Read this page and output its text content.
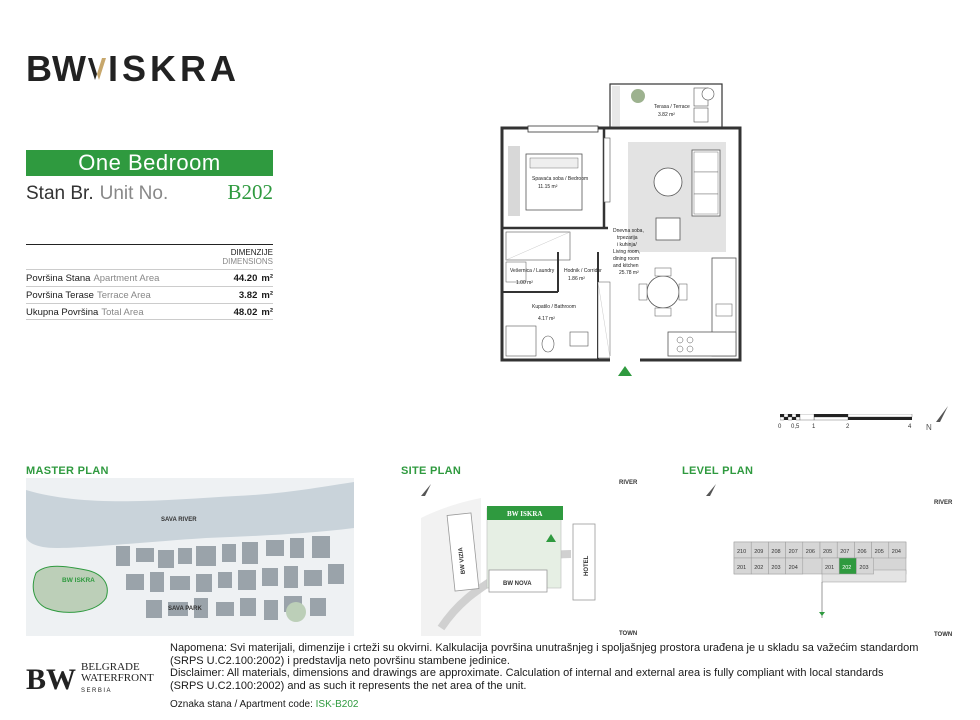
BW ISKRA
One Bedroom
Stan Br. Unit No.	B202
DIMENZIJE
DIMENSIONS
Površina Stana Apartment Area	44.20 m²
Površina Terase Terrace Area	3.82 m²
Ukupna Površina Total Area	48.02 m²
Terasa / Terrace
3.82 m²
Spavaća soba / Bedroom
11.15 m²
Dnevna soba,
trpezarija
i kuhinja/
Living room,
dining room
and kitchen
25.78 m²
Vešernica / Laundry
1.00 m²
Hodnik / Corridor
1.86 m²
Kupatilo / Bathroom
4.17 m²
0 0,5 1	2	4 N
MASTER PLAN	SITE PLAN	LEVEL PLAN
SAVA RIVER
BW ISKRA
SAVA PARK
BW VIZIA
BW ISKRA
BW NOVA
HOTEL
RIVER
TOWN
RIVER
TOWN
210 209 208 207 206 205 207 206 205 204
201 202 203 204	201 202 203
BW BELGRADE
WATERFRONT
SERBIA
Napomena: Svi materijali, dimenzije i crteži su okvirni. Kalkulacija površina unutrašnjeg i spoljašnjeg prostora urađena je u skladu sa važećim standardom
(SRPS U.C2.100:2002) i predstavlja neto površinu stambene jedinice.
Disclaimer: All materials, dimensions and drawings are approximate. Calculation of internal and external area is fully compliant with local standards
(SRPS U.C2.100:2002) and as such it represents the net area of the unit.
Oznaka stana / Apartment code: ISK-B202
